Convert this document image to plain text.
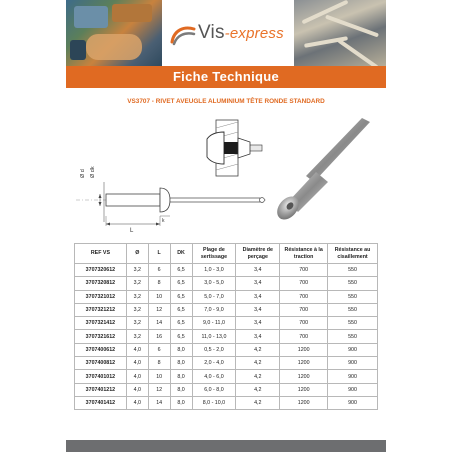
Vis-express
Fiche Technique
VS3707 - RIVET AVEUGLE ALUMINIUM TÊTE RONDE STANDARD
Ø d Ø dk
L
k
REF VS	Ø	L	DK	Plage de sertissage	Diamètre de perçage	Résistance à la traction	Résistance au cisaillement
3707320612	3,2	6	6,5	1,0 - 3,0	3,4	700	550
3707320812	3,2	8	6,5	3,0 - 5,0	3,4	700	550
3707321012	3,2	10	6,5	5,0 - 7,0	3,4	700	550
3707321212	3,2	12	6,5	7,0 - 9,0	3,4	700	550
3707321412	3,2	14	6,5	9,0 - 11,0	3,4	700	550
3707321612	3,2	16	6,5	11,0 - 13,0	3,4	700	550
3707400612	4,0	6	8,0	0,5 - 2,0	4,2	1200	900
3707400812	4,0	8	8,0	2,0 - 4,0	4,2	1200	900
3707401012	4,0	10	8,0	4,0 - 6,0	4,2	1200	900
3707401212	4,0	12	8,0	6,0 - 8,0	4,2	1200	900
3707401412	4,0	14	8,0	8,0 - 10,0	4,2	1200	900
